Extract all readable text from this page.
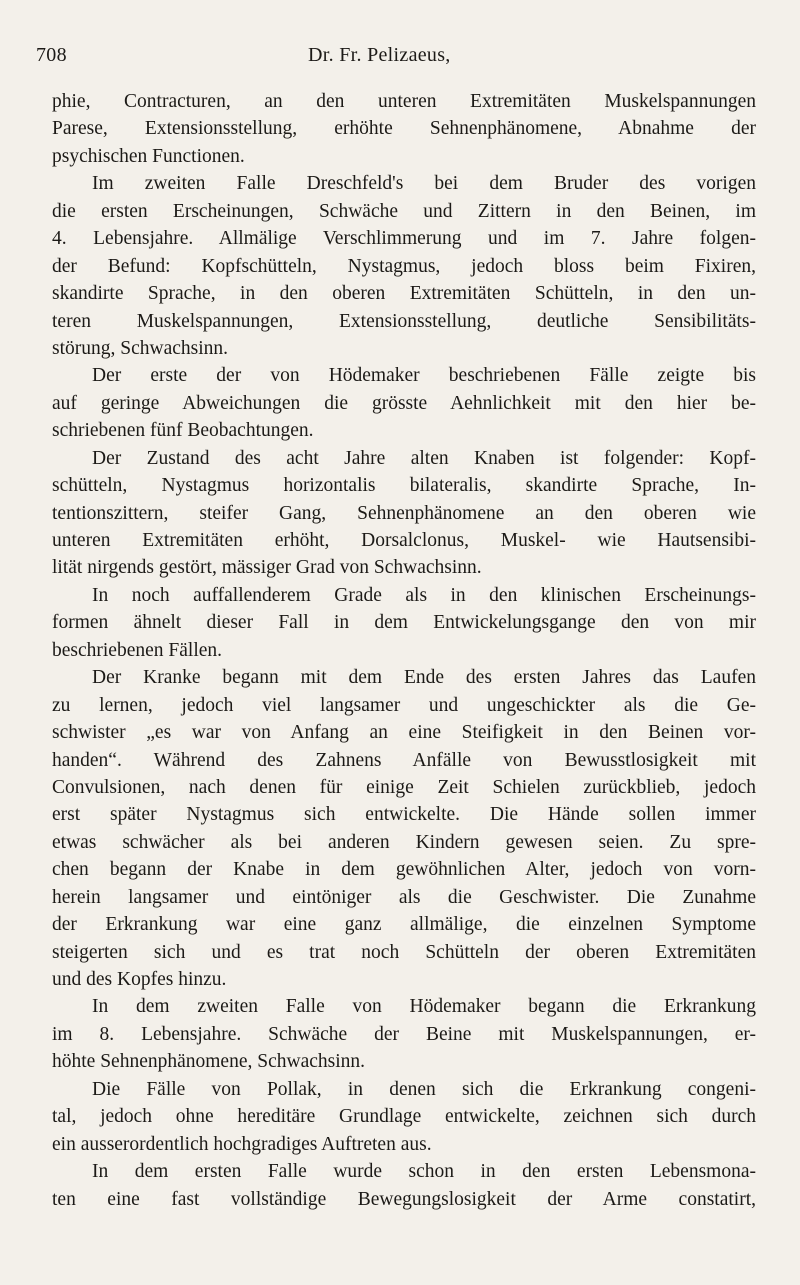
708	Dr. Fr. Pelizaeus,
phie, Contracturen, an den unteren Extremitäten Muskelspannungen
Parese, Extensionsstellung, erhöhte Sehnenphänomene, Abnahme der
psychischen Functionen.
Im zweiten Falle Dreschfeld's bei dem Bruder des vorigen
die ersten Erscheinungen, Schwäche und Zittern in den Beinen, im
4. Lebensjahre. Allmälige Verschlimmerung und im 7. Jahre folgen-
der Befund: Kopfschütteln, Nystagmus, jedoch bloss beim Fixiren,
skandirte Sprache, in den oberen Extremitäten Schütteln, in den un-
teren Muskelspannungen, Extensionsstellung, deutliche Sensibilitäts-
störung, Schwachsinn.
Der erste der von Hödemaker beschriebenen Fälle zeigte bis
auf geringe Abweichungen die grösste Aehnlichkeit mit den hier be-
schriebenen fünf Beobachtungen.
Der Zustand des acht Jahre alten Knaben ist folgender: Kopf-
schütteln, Nystagmus horizontalis bilateralis, skandirte Sprache, In-
tentionszittern, steifer Gang, Sehnenphänomene an den oberen wie
unteren Extremitäten erhöht, Dorsalclonus, Muskel- wie Hautsensibi-
lität nirgends gestört, mässiger Grad von Schwachsinn.
In noch auffallenderem Grade als in den klinischen Erscheinungs-
formen ähnelt dieser Fall in dem Entwickelungsgange den von mir
beschriebenen Fällen.
Der Kranke begann mit dem Ende des ersten Jahres das Laufen
zu lernen, jedoch viel langsamer und ungeschickter als die Ge-
schwister „es war von Anfang an eine Steifigkeit in den Beinen vor-
handen“. Während des Zahnens Anfälle von Bewusstlosigkeit mit
Convulsionen, nach denen für einige Zeit Schielen zurückblieb, jedoch
erst später Nystagmus sich entwickelte. Die Hände sollen immer
etwas schwächer als bei anderen Kindern gewesen seien. Zu spre-
chen begann der Knabe in dem gewöhnlichen Alter, jedoch von vorn-
herein langsamer und eintöniger als die Geschwister. Die Zunahme
der Erkrankung war eine ganz allmälige, die einzelnen Symptome
steigerten sich und es trat noch Schütteln der oberen Extremitäten
und des Kopfes hinzu.
In dem zweiten Falle von Hödemaker begann die Erkrankung
im 8. Lebensjahre. Schwäche der Beine mit Muskelspannungen, er-
höhte Sehnenphänomene, Schwachsinn.
Die Fälle von Pollak, in denen sich die Erkrankung congeni-
tal, jedoch ohne hereditäre Grundlage entwickelte, zeichnen sich durch
ein ausserordentlich hochgradiges Auftreten aus.
In dem ersten Falle wurde schon in den ersten Lebensmona-
ten eine fast vollständige Bewegungslosigkeit der Arme constatirt,
